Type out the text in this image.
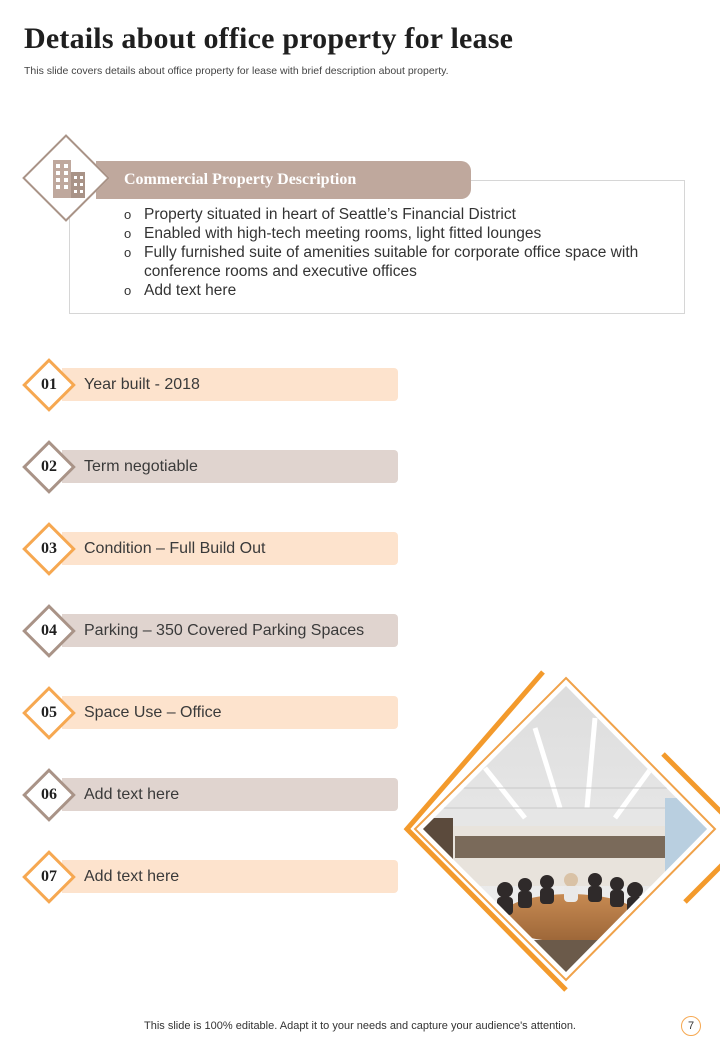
Details about office property for lease
This slide covers details about office property for lease with brief description about property.
Commercial Property Description
o Property situated in heart of Seattle’s Financial District
o Enabled with high-tech meeting rooms, light fitted lounges
o Fully furnished suite of amenities suitable for corporate office space with conference rooms and executive offices
o Add text here
01	Year built - 2018
02	Term negotiable
03	Condition – Full Build Out
04	Parking – 350 Covered Parking Spaces
05	Space Use – Office
06	Add text here
07	Add text here
This slide is 100% editable. Adapt it to your needs and capture your audience's attention.	7
